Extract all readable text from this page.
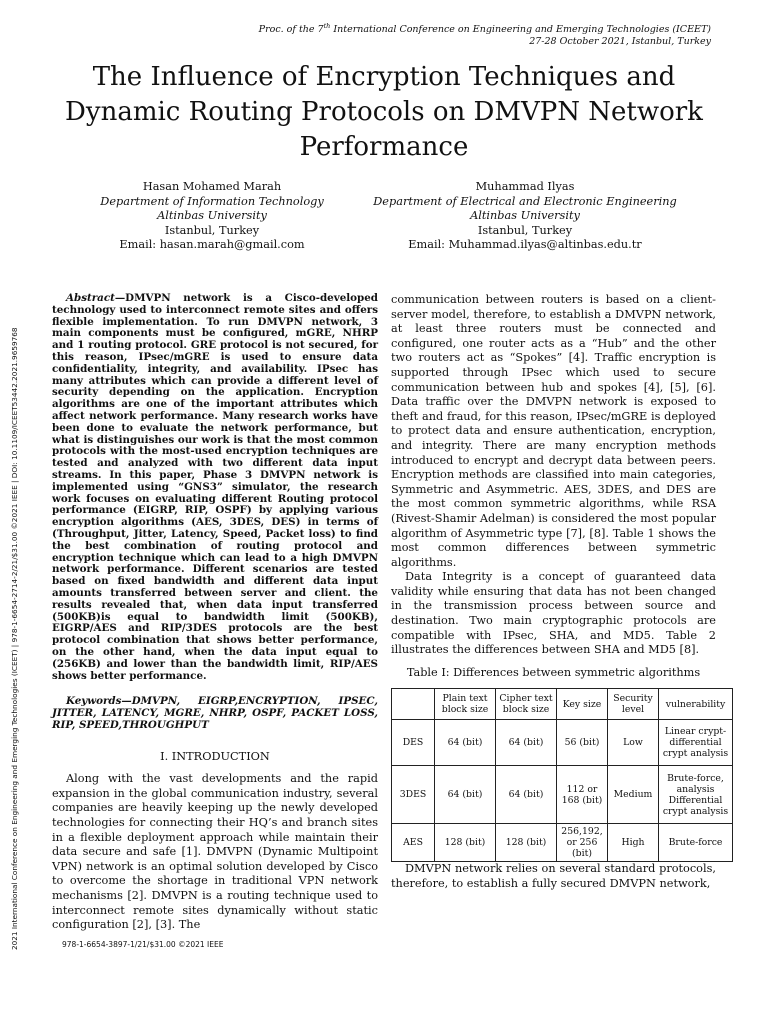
Proc. of the 7th International Conference on Engineering and Emerging Technologies (ICEET)
27-28 October 2021, Istanbul, Turkey
The Influence of Encryption Techniques and Dynamic Routing Protocols on DMVPN Network Performance
Hasan Mohamed Marah
Department of Information Technology
Altinbas University
Istanbul, Turkey
Email: hasan.marah@gmail.com
Muhammad Ilyas
Department of Electrical and Electronic Engineering
Altinbas University
Istanbul, Turkey
Email: Muhammad.ilyas@altinbas.edu.tr
2021 International Conference on Engineering and Emerging Technologies (ICEET) | 978-1-6654-2714-2/21/$31.00 ©2021 IEEE | DOI: 10.1109/ICEET53442.2021.9659768

Abstract—DMVPN network is a Cisco-developed technology used to interconnect remote sites and offers flexible implementation. To run DMVPN network, 3 main components must be configured, mGRE, NHRP and 1 routing protocol. GRE protocol is not secured, for this reason, IPsec/mGRE is used to ensure data confidentiality, integrity, and availability. IPsec has many attributes which can provide a different level of security depending on the application. Encryption algorithms are one of the important attributes which affect network performance. Many research works have been done to evaluate the network performance, but what is distinguishes our work is that the most common protocols with the most-used encryption techniques are tested and analyzed with two different data input streams. In this paper, Phase 3 DMVPN network is implemented using “GNS3” simulator, the research work focuses on evaluating different Routing protocol performance (EIGRP, RIP, OSPF) by applying various encryption algorithms (AES, 3DES, DES) in terms of (Throughput, Jitter, Latency, Speed, Packet loss) to find the best combination of routing protocol and encryption technique which can lead to a high DMVPN network performance. Different scenarios are tested based on fixed bandwidth and different data input amounts transferred between server and client. the results revealed that, when data input transferred (500KB)is equal to bandwidth limit (500KB), EIGRP/AES and RIP/3DES protocols are the best protocol combination that shows better performance, on the other hand, when the data input equal to (256KB) and lower than the bandwidth limit, RIP/AES shows better performance.

Keywords—DMVPN, EIGRP,ENCRYPTION, IPSEC, JITTER, LATENCY, MGRE, NHRP, OSPF, PACKET LOSS, RIP, SPEED,THROUGHPUT

I. INTRODUCTION

Along with the vast developments and the rapid expansion in the global communication industry, several companies are heavily keeping up the newly developed technologies for connecting their HQ’s and branch sites in a flexible deployment approach while maintain their data secure and safe [1]. DMVPN (Dynamic Multipoint VPN) network is an optimal solution developed by Cisco to overcome the shortage in traditional VPN network mechanisms [2]. DMVPN is a routing technique used to interconnect remote sites dynamically without static configuration [2], [3]. The

communication between routers is based on a client-server model, therefore, to establish a DMVPN network, at least three routers must be connected and configured, one router acts as a “Hub” and the other two routers act as “Spokes” [4]. Traffic encryption is supported through IPsec which used to secure communication between hub and spokes [4], [5], [6]. Data traffic over the DMVPN network is exposed to theft and fraud, for this reason, IPsec/mGRE is deployed to protect data and ensure authentication, encryption, and integrity. There are many encryption methods introduced to encrypt and decrypt data between peers. Encryption methods are classified into main categories, Symmetric and Asymmetric. AES, 3DES, and DES are the most common symmetric algorithms, while RSA (Rivest-Shamir Adelman) is considered the most popular algorithm of Asymmetric type [7], [8]. Table 1 shows the most common differences between symmetric algorithms.

Data Integrity is a concept of guaranteed data validity while ensuring that data has not been changed in the transmission process between source and destination. Two main cryptographic protocols are compatible with IPsec, SHA, and MD5. Table 2 illustrates the differences between SHA and MD5 [8].

Table I: Differences between symmetric algorithms
	Plain text block size	Cipher text block size	Key size	Security level	vulnerability
DES	64 (bit)	64 (bit)	56 (bit)	Low	Linear crypt-differential crypt analysis
3DES	64 (bit)	64 (bit)	112 or 168 (bit)	Medium	Brute-force, analysis Differential crypt analysis
AES	128 (bit)	128 (bit)	256,192, or 256 (bit)	High	Brute-force

DMVPN network relies on several standard protocols, therefore, to establish a fully secured DMVPN network,

978-1-6654-3897-1/21/$31.00 ©2021 IEEE
